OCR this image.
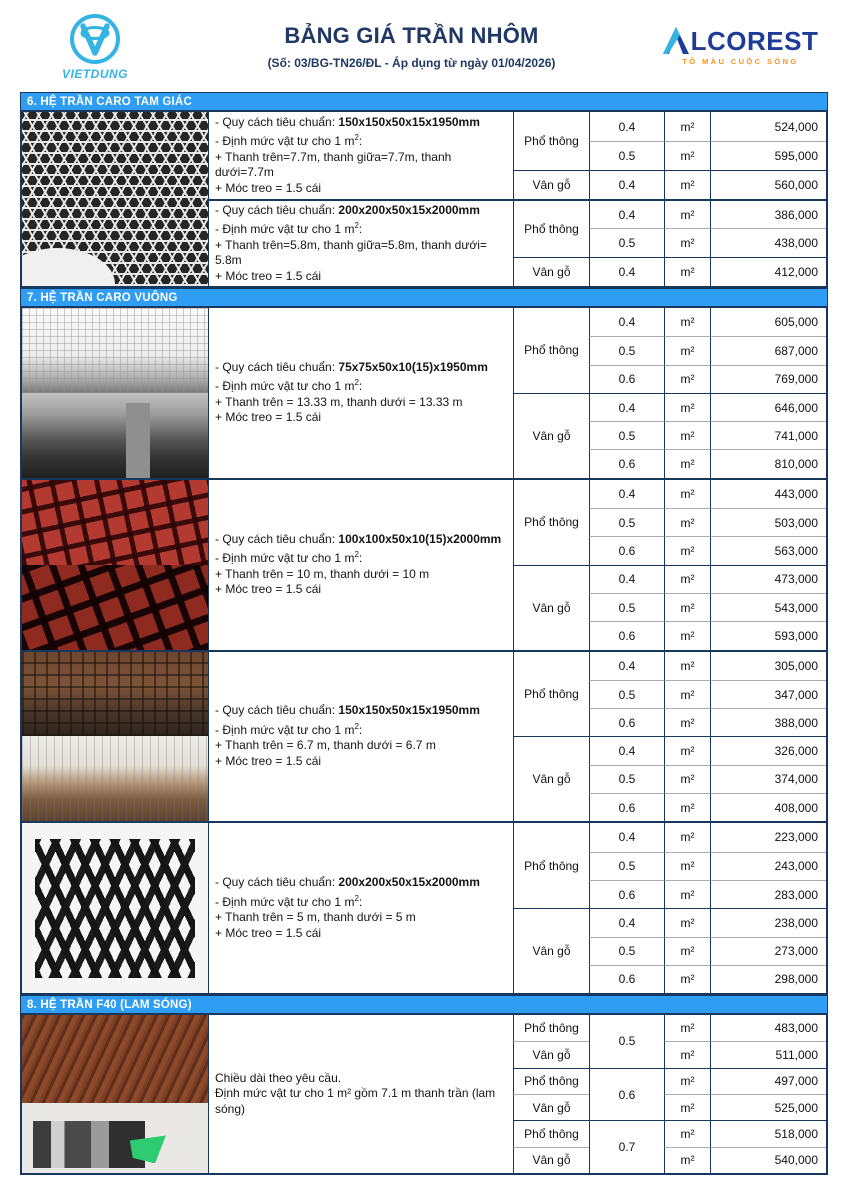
VIETDUNG
BẢNG GIÁ TRẦN NHÔM
(Số: 03/BG-TN26/ĐL - Áp dụng từ ngày 01/04/2026)
LCOREST
TÔ MÀU CUỘC SỐNG
6. HỆ TRẦN CARO TAM GIÁC
- Quy cách tiêu chuẩn: 150x150x50x15x1950mm
- Định mức vật tư cho 1 $m^2$:
+ Thanh trên=7.7m, thanh giữa=7.7m, thanh dưới=7.7m
+ Móc treo = 1.5 cái
Phổ thông
0.4	m²	524,000
0.5	m²	595,000
Vân gỗ	0.4	m²	560,000
- Quy cách tiêu chuẩn: 200x200x50x15x2000mm
- Định mức vật tư cho 1 $m^2$:
+ Thanh trên=5.8m, thanh giữa=5.8m, thanh dưới= 5.8m
+ Móc treo = 1.5 cái
Phổ thông
0.4	m²	386,000
0.5	m²	438,000
Vân gỗ	0.4	m²	412,000
7. HỆ TRẦN CARO VUÔNG
- Quy cách tiêu chuẩn: 75x75x50x10(15)x1950mm
- Định mức vật tư cho 1 $m^2$:
+ Thanh trên = 13.33 m, thanh dưới = 13.33 m
+ Móc treo = 1.5 cái
Phổ thông
0.4	m²	605,000
0.5	m²	687,000
0.6	m²	769,000
Vân gỗ
0.4	m²	646,000
0.5	m²	741,000
0.6	m²	810,000
- Quy cách tiêu chuẩn: 100x100x50x10(15)x2000mm
- Định mức vật tư cho 1 $m^2$:
+ Thanh trên = 10 m, thanh dưới = 10 m
+ Móc treo = 1.5 cái
Phổ thông
0.4	m²	443,000
0.5	m²	503,000
0.6	m²	563,000
Vân gỗ
0.4	m²	473,000
0.5	m²	543,000
0.6	m²	593,000
- Quy cách tiêu chuẩn: 150x150x50x15x1950mm
- Định mức vật tư cho 1 $m^2$:
+ Thanh trên = 6.7 m, thanh dưới = 6.7 m
+ Móc treo = 1.5 cái
Phổ thông
0.4	m²	305,000
0.5	m²	347,000
0.6	m²	388,000
Vân gỗ
0.4	m²	326,000
0.5	m²	374,000
0.6	m²	408,000
- Quy cách tiêu chuẩn: 200x200x50x15x2000mm
- Định mức vật tư cho 1 $m^2$:
+ Thanh trên = 5 m, thanh dưới = 5 m
+ Móc treo = 1.5 cái
Phổ thông
0.4	m²	223,000
0.5	m²	243,000
0.6	m²	283,000
Vân gỗ
0.4	m²	238,000
0.5	m²	273,000
0.6	m²	298,000
8. HỆ TRẦN F40 (LAM SÓNG)
Chiều dài theo yêu cầu.
Định mức vật tư cho 1 m² gồm 7.1 m thanh trần (lam sóng)
0.5
Phổ thông	m²	483,000
Vân gỗ	m²	511,000
0.6
Phổ thông	m²	497,000
Vân gỗ	m²	525,000
0.7
Phổ thông	m²	518,000
Vân gỗ	m²	540,000
